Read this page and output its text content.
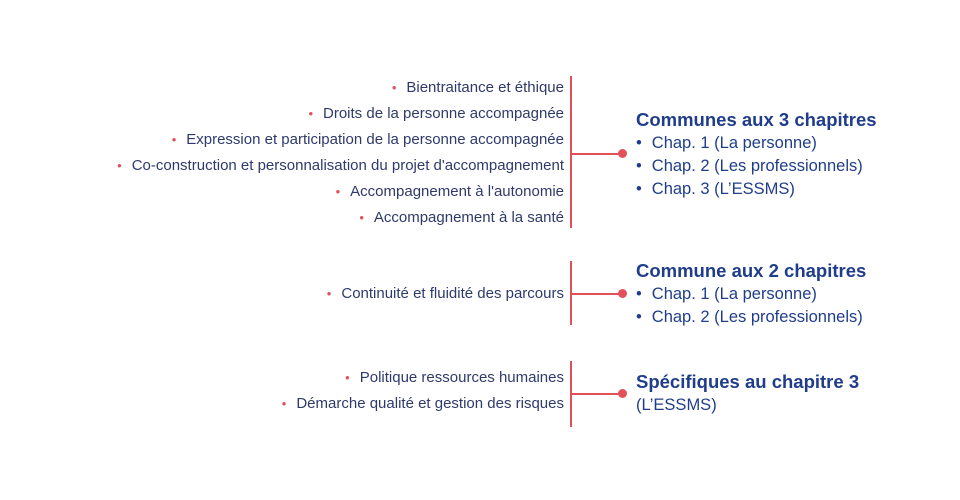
• Bientraitance et éthique
• Droits de la personne accompagnée
• Expression et participation de la personne accompagnée
• Co-construction et personnalisation du projet d'accompagnement
• Accompagnement à l'autonomie
• Accompagnement à la santé
Communes aux 3 chapitres
• Chap. 1 (La personne)
• Chap. 2 (Les professionnels)
• Chap. 3 (L’ESSMS)
• Continuité et fluidité des parcours
Commune aux 2 chapitres
• Chap. 1 (La personne)
• Chap. 2 (Les professionnels)
• Politique ressources humaines
• Démarche qualité et gestion des risques
Spécifiques au chapitre 3
(L’ESSMS)
